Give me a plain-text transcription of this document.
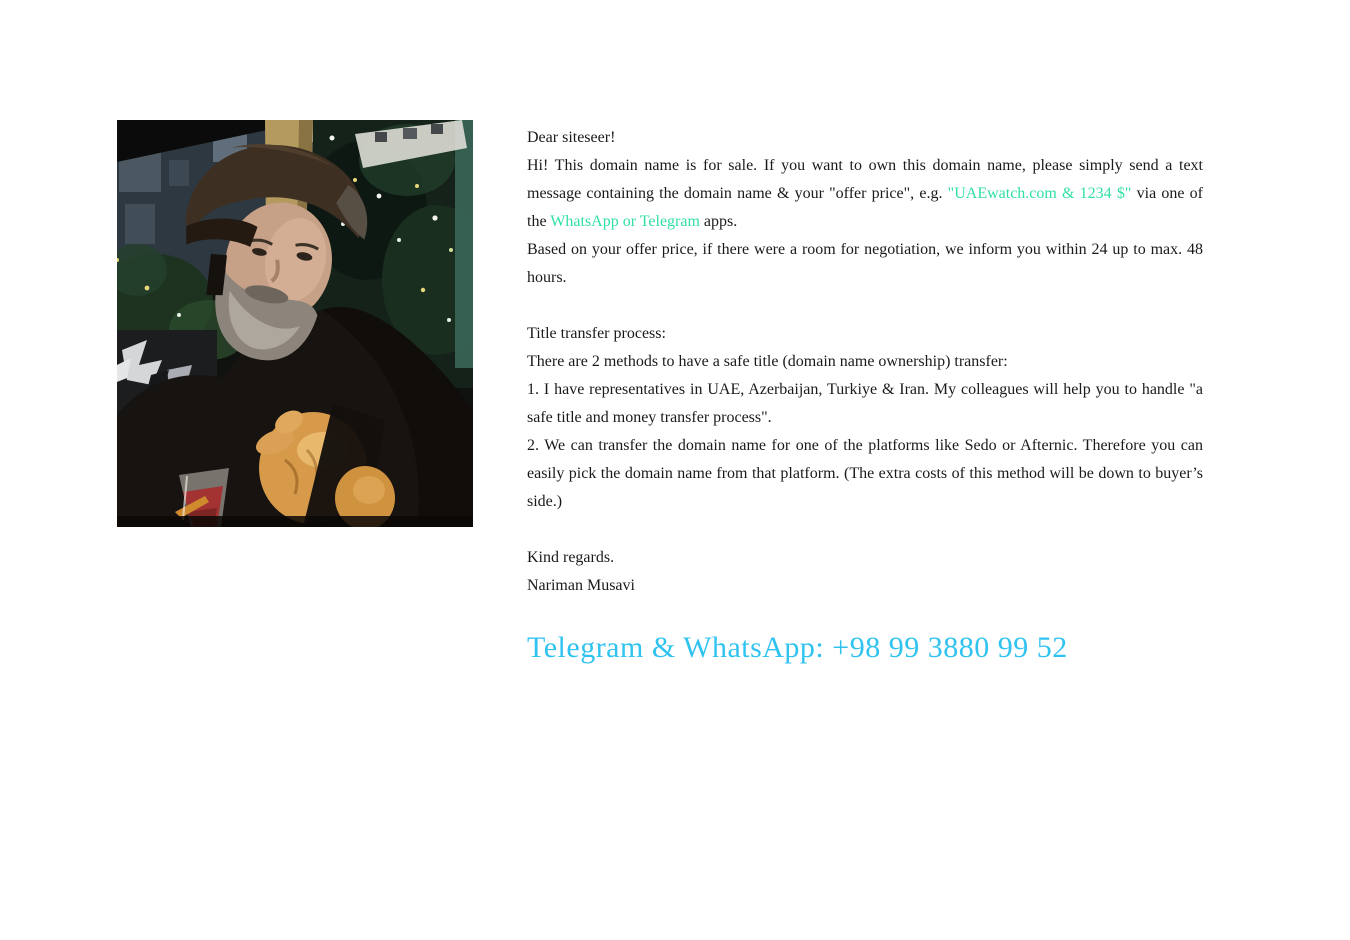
Dear siteseer!

Hi! This domain name is for sale. If you want to own this domain name, please simply send a text message containing the domain name & your "offer price", e.g. "UAEwatch.com & 1234 $" via one of the WhatsApp or Telegram apps.

Based on your offer price, if there were a room for negotiation, we inform you within 24 up to max. 48 hours.

Title transfer process:

There are 2 methods to have a safe title (domain name ownership) transfer:

1. I have representatives in UAE, Azerbaijan, Turkiye & Iran. My colleagues will help you to handle "a safe title and money transfer process".

2. We can transfer the domain name for one of the platforms like Sedo or Afternic. Therefore you can easily pick the domain name from that platform. (The extra costs of this method will be down to buyer’s side.)

Kind regards.

Nariman Musavi

Telegram & WhatsApp: +98 99 3880 99 52
